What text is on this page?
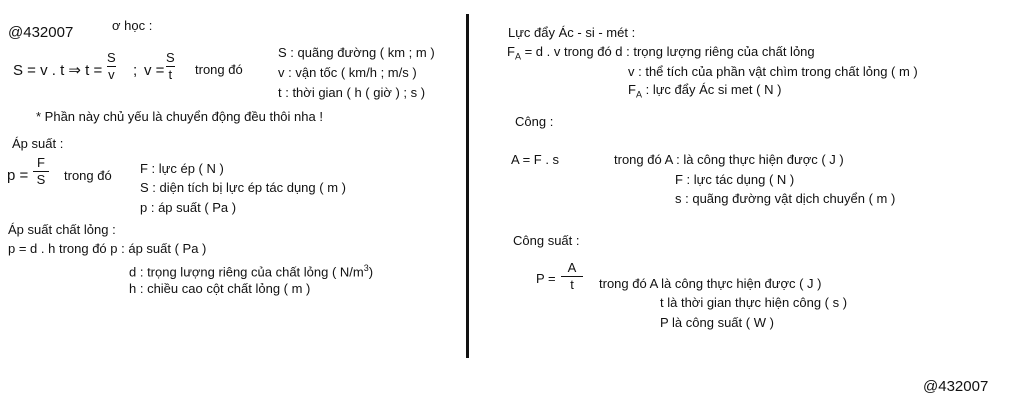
@432007	ơ học :
S = v . t ⇒ t =
S
v ; v =
S
t trong đó
S : quãng đường ( km ; m )
v : vận tốc ( km/h ; m/s )
t : thời gian ( h ( giờ ) ; s )
* Phần này chủ yếu là chuyển động đều thôi nha !
Áp suất :
p =
F
S trong đó F : lực ép ( N )
S : diện tích bị lực ép tác dụng ( m )
p : áp suất ( Pa )
Áp suất chất lỏng :
p = d . h trong đó p : áp suất ( Pa )
d : trọng lượng riêng của chất lỏng ( $N/m^3$)
h : chiều cao cột chất lỏng ( m )
Lực đẩy Ác - si - mét :
$F_A = d$ . v trong đó d : trọng lượng riêng của chất lỏng
v : thể tích của phần vật chìm trong chất lỏng ( m )
$F_A$ : lực đẩy Ác si met ( N )
Công :
A = F . s	trong đó A : là công thực hiện được ( J )
F : lực tác dụng ( N )
s : quãng đường vật dịch chuyển ( m )
Công suất :
P =
A
t trong đó A là công thực hiện được ( J )
t là thời gian thực hiện công ( s )
P là công suất ( W )
@432007
